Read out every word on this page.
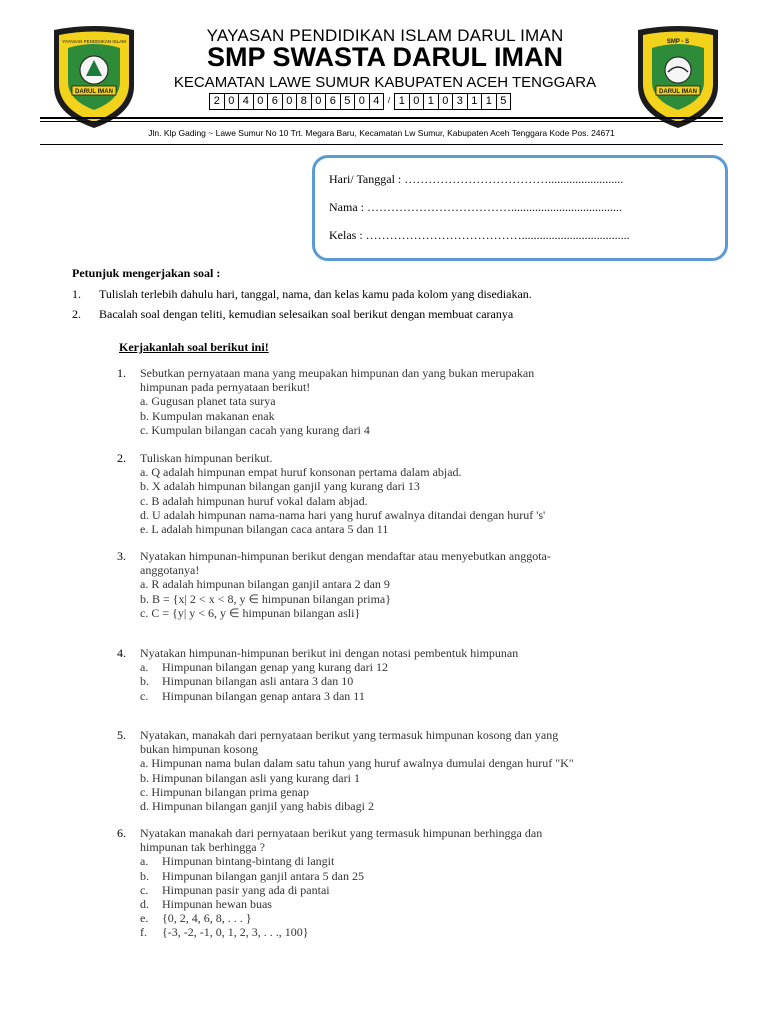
DARUL IMAN
YAYASAN PENDIDIKAN ISLAM
DARUL IMAN
SMP - S
YAYASAN PENDIDIKAN ISLAM DARUL IMAN
SMP SWASTA DARUL IMAN
KECAMATAN LAWE SUMUR KABUPATEN ACEH TENGGARA
2 0 4 0 6 0 8 0 6 5 0 4	/ 1 0 1 0 3 1 1 5
Jln. Klp Gading ~ Lawe Sumur No 10 Trt. Megara Baru, Kecamatan Lw Sumur, Kabupaten Aceh Tenggara Kode Pos. 24671
Hari/ Tanggal : ……………………………….........................
Nama : ……………………………….....................................
Kelas : …………………………………....................................
Petunjuk mengerjakan soal :
1.	Tulislah terlebih dahulu hari, tanggal, nama, dan kelas kamu pada kolom yang disediakan.
2.	Bacalah soal dengan teliti, kemudian selesaikan soal berikut dengan membuat caranya
Kerjakanlah soal berikut ini!
1. Sebutkan pernyataan mana yang meupakan himpunan dan yang bukan merupakan
himpunan pada pernyataan berikut!
a. Gugusan planet tata surya
b. Kumpulan makanan enak
c. Kumpulan bilangan cacah yang kurang dari 4
2. Tuliskan himpunan berikut.
a. Q adalah himpunan empat huruf konsonan pertama dalam abjad.
b. X adalah himpunan bilangan ganjil yang kurang dari 13
c. B adalah himpunan huruf vokal dalam abjad.
d. U adalah himpunan nama-nama hari yang huruf awalnya ditandai dengan huruf 's'
e. L adalah himpunan bilangan caca antara 5 dan 11
3. Nyatakan himpunan-himpunan berikut dengan mendaftar atau menyebutkan anggota-
anggotanya!
a. R adalah himpunan bilangan ganjil antara 2 dan 9
b. B = {x| 2 < x < 8, y ∈ himpunan bilangan prima}
c. C = {y| y < 6, y ∈ himpunan bilangan asli}
4. Nyatakan himpunan-himpunan berikut ini dengan notasi pembentuk himpunan
a.	Himpunan bilangan genap yang kurang dari 12
b.	Himpunan bilangan asli antara 3 dan 10
c.	Himpunan bilangan genap antara 3 dan 11
5. Nyatakan, manakah dari pernyataan berikut yang termasuk himpunan kosong dan yang
bukan himpunan kosong
a. Himpunan nama bulan dalam satu tahun yang huruf awalnya dumulai dengan huruf "K"
b. Himpunan bilangan asli yang kurang dari 1
c. Himpunan bilangan prima genap
d. Himpunan bilangan ganjil yang habis dibagi 2
6. Nyatakan manakah dari pernyataan berikut yang termasuk himpunan berhingga dan
himpunan tak berhingga ?
a.	Himpunan bintang-bintang di langit
b.	Himpunan bilangan ganjil antara 5 dan 25
c.	Himpunan pasir yang ada di pantai
d.	Himpunan hewan buas
e.	{0, 2, 4, 6, 8, . . . }
f.	{-3, -2, -1, 0, 1, 2, 3, . . ., 100}
